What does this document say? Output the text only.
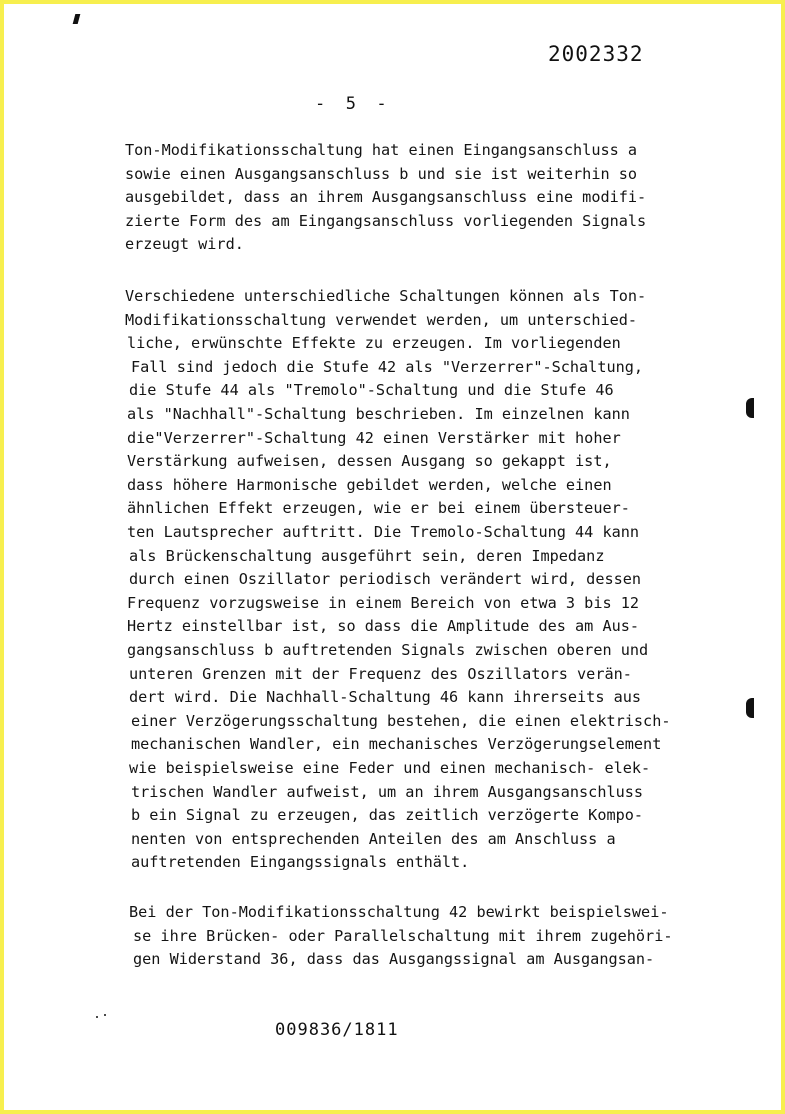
2002332
-  5  -
Ton-Modifikationsschaltung hat einen Eingangsanschluss a
sowie einen Ausgangsanschluss b und sie ist weiterhin so
ausgebildet, dass an ihrem Ausgangsanschluss eine modifi-
zierte Form des am Eingangsanschluss vorliegenden Signals
erzeugt wird.
Verschiedene unterschiedliche Schaltungen können als Ton-
Modifikationsschaltung verwendet werden, um unterschied-
liche, erwünschte Effekte zu erzeugen. Im vorliegenden
Fall sind jedoch die Stufe 42 als "Verzerrer"-Schaltung,
die Stufe 44 als "Tremolo"-Schaltung und die Stufe 46
als "Nachhall"-Schaltung beschrieben. Im einzelnen kann
die"Verzerrer"-Schaltung 42 einen Verstärker mit hoher
Verstärkung aufweisen, dessen Ausgang so gekappt ist,
dass höhere Harmonische gebildet werden, welche einen
ähnlichen Effekt erzeugen, wie er bei einem übersteuer-
ten Lautsprecher auftritt. Die Tremolo-Schaltung 44 kann
als Brückenschaltung ausgeführt sein, deren Impedanz
durch einen Oszillator periodisch verändert wird, dessen
Frequenz vorzugsweise in einem Bereich von etwa 3 bis 12
Hertz einstellbar ist, so dass die Amplitude des am Aus-
gangsanschluss b auftretenden Signals zwischen oberen und
unteren Grenzen mit der Frequenz des Oszillators verän-
dert wird. Die Nachhall-Schaltung 46 kann ihrerseits aus
einer Verzögerungsschaltung bestehen, die einen elektrisch-
mechanischen Wandler, ein mechanisches Verzögerungselement
wie beispielsweise eine Feder und einen mechanisch- elek-
trischen Wandler aufweist, um an ihrem Ausgangsanschluss
b ein Signal zu erzeugen, das zeitlich verzögerte Kompo-
nenten von entsprechenden Anteilen des am Anschluss a
auftretenden Eingangssignals enthält.
Bei der Ton-Modifikationsschaltung 42 bewirkt beispielswei-
se ihre Brücken- oder Parallelschaltung mit ihrem zugehöri-
gen Widerstand 36, dass das Ausgangssignal am Ausgangsan-
009836/1811
